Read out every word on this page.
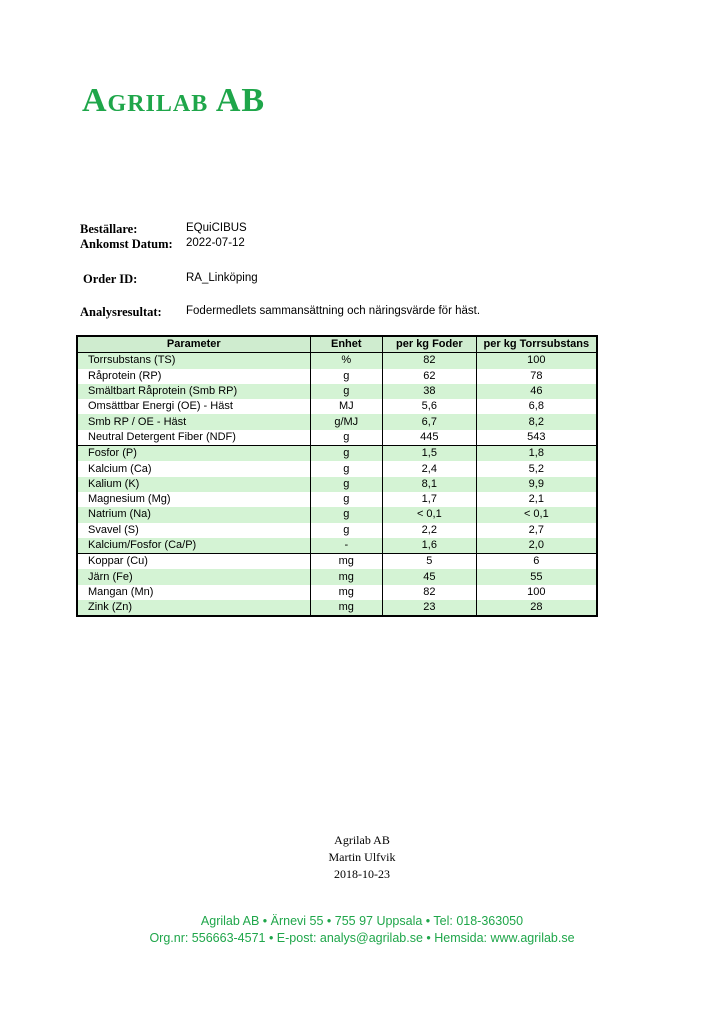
Agrilab AB
Beställare:	EQuiCIBUS
Ankomst Datum: 2022-07-12
Order ID:	RA_Linköping
Analysresultat: Fodermedlets sammansättning och näringsvärde för häst.
Parameter	Enhet	per kg Foder	per kg Torrsubstans
Torrsubstans (TS)	%	82	100
Råprotein (RP)	g	62	78
Smältbart Råprotein (Smb RP)	g	38	46
Omsättbar Energi (OE) - Häst	MJ	5,6	6,8
Smb RP / OE - Häst	g/MJ	6,7	8,2
Neutral Detergent Fiber (NDF)	g	445	543
Fosfor (P)	g	1,5	1,8
Kalcium (Ca)	g	2,4	5,2
Kalium (K)	g	8,1	9,9
Magnesium (Mg)	g	1,7	2,1
Natrium (Na)	g	< 0,1	< 0,1
Svavel (S)	g	2,2	2,7
Kalcium/Fosfor (Ca/P)	-	1,6	2,0
Koppar (Cu)	mg	5	6
Järn (Fe)	mg	45	55
Mangan (Mn)	mg	82	100
Zink (Zn)	mg	23	28
Agrilab AB
Martin Ulfvik
2018-10-23
Agrilab AB • Ärnevi 55 • 755 97 Uppsala • Tel: 018-363050
Org.nr: 556663-4571 • E-post: analys@agrilab.se • Hemsida: www.agrilab.se
